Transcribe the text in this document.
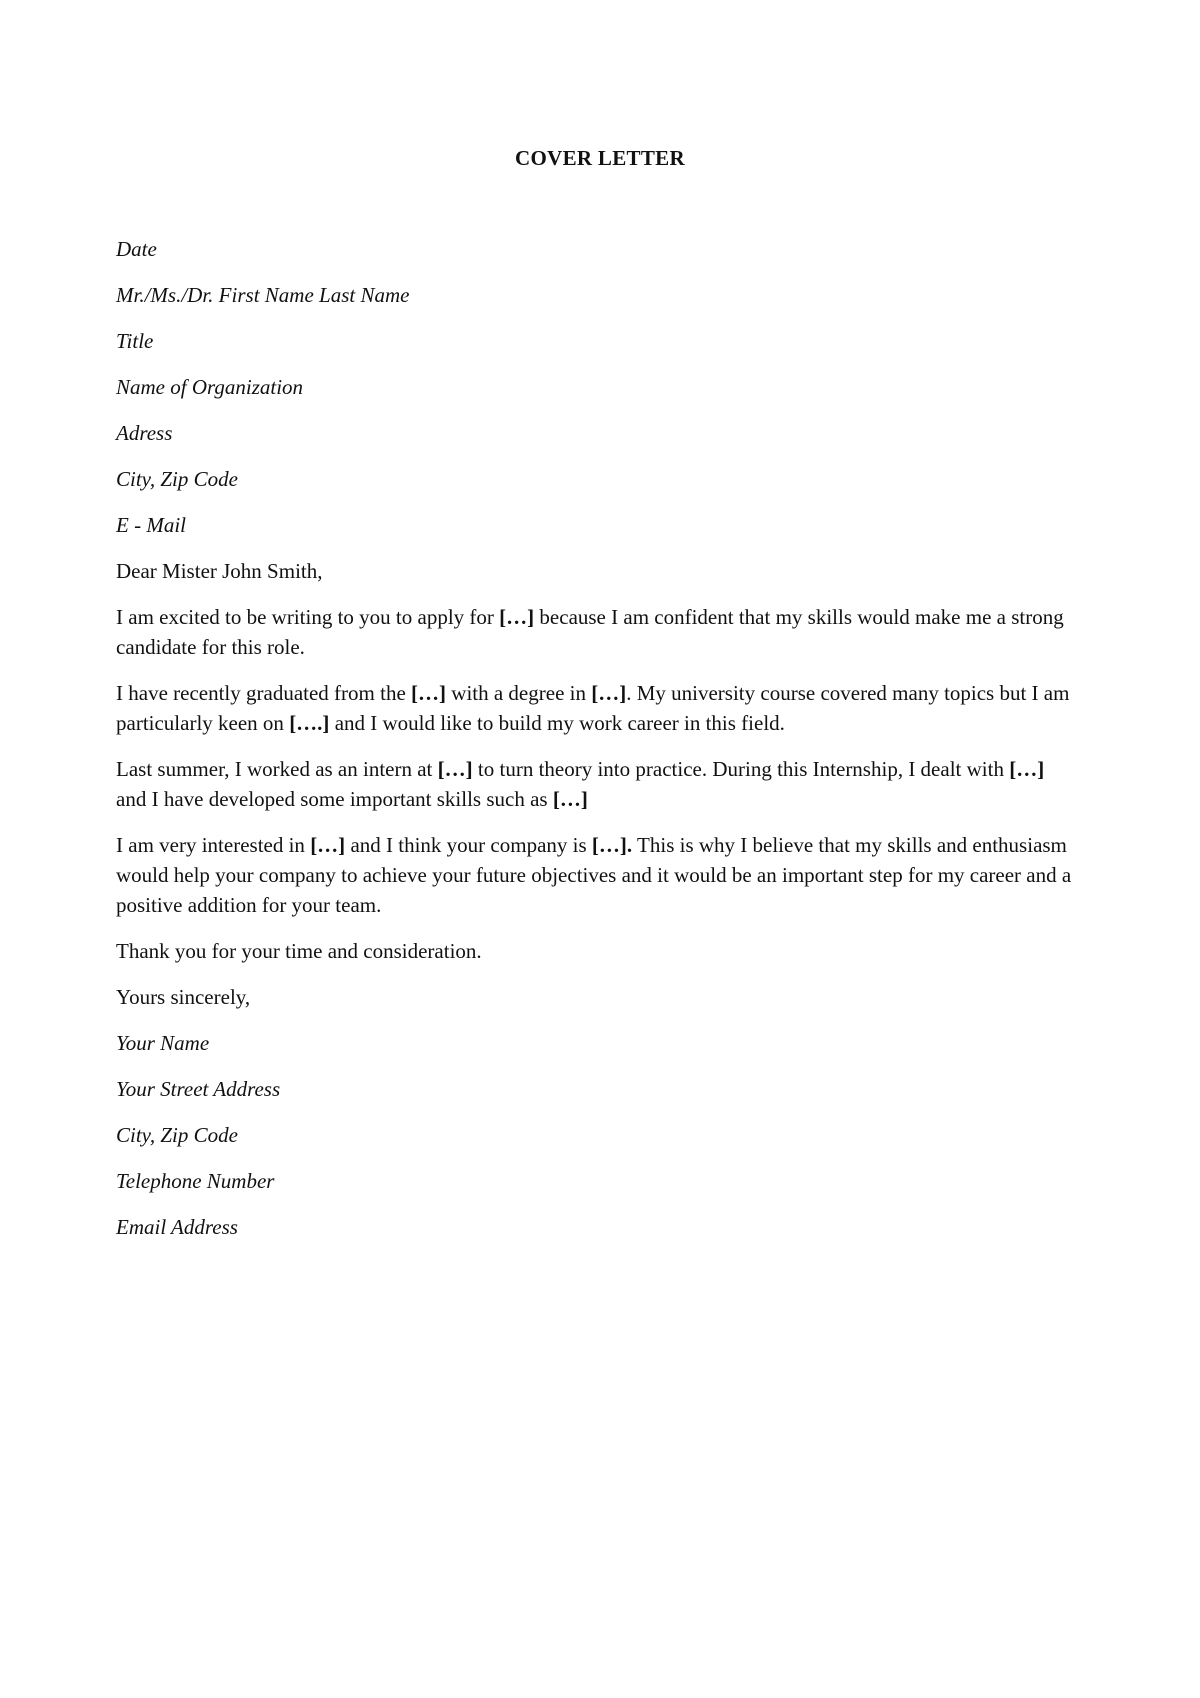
COVER LETTER
Date
Mr./Ms./Dr. First Name Last Name
Title
Name of Organization
Adress
City, Zip Code
E - Mail
Dear Mister John Smith,

I am excited to be writing to you to apply for […] because I am confident that my skills would make me a strong candidate for this role.

I have recently graduated from the […] with a degree in […]. My university course covered many topics but I am particularly keen on [….] and I would like to build my work career in this field.

Last summer, I worked as an intern at […] to turn theory into practice. During this Internship, I dealt with […] and I have developed some important skills such as […]

I am very interested in […] and I think your company is […]. This is why I believe that my skills and enthusiasm would help your company to achieve your future objectives and it would be an important step for my career and a positive addition for your team.

Thank you for your time and consideration.
Yours sincerely,
Your Name
Your Street Address
City, Zip Code
Telephone Number
Email Address
